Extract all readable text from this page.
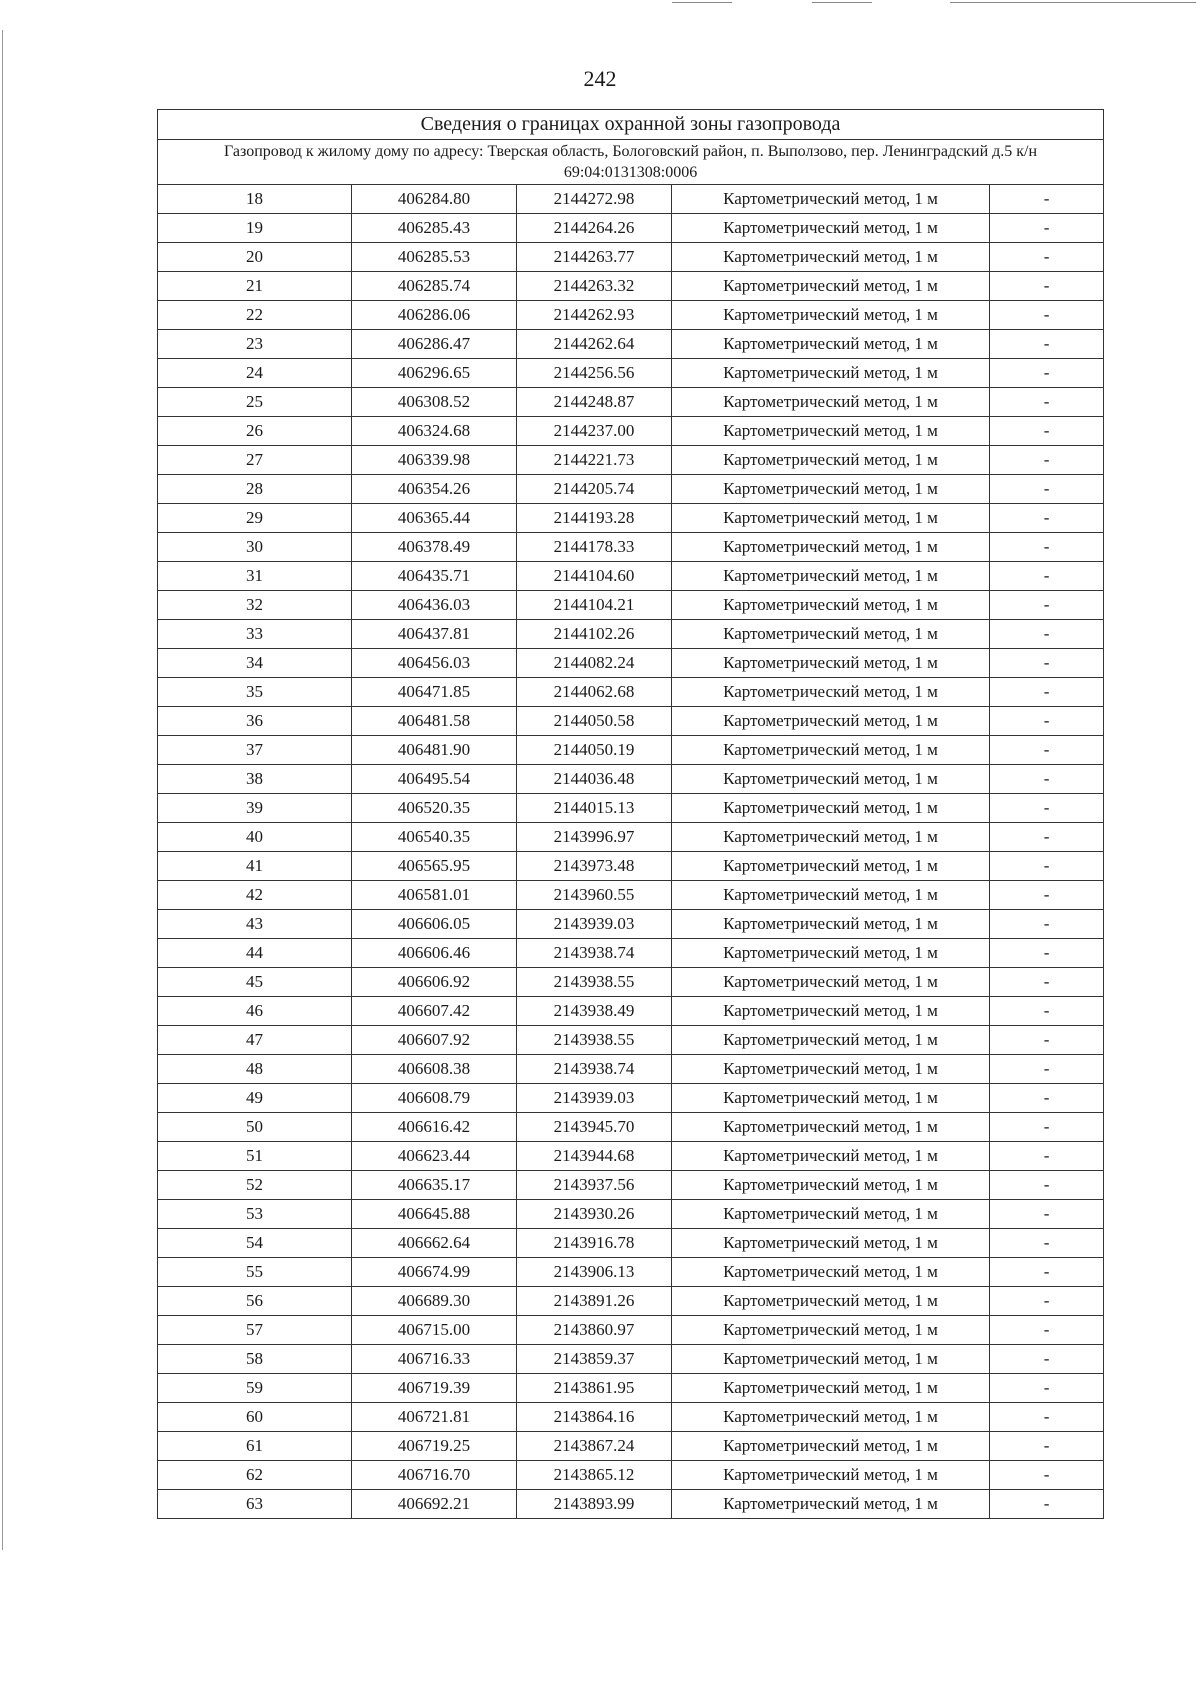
242
Сведения о границах охранной зоны газопровода				
Газопровод к жилому дому по адресу: Тверская область, Бологовский район, п. Выползово, пер. Ленинградский д.5 к/н 69:04:0131308:0006				
18	406284.80	2144272.98	Картометрический метод, 1 м	-
19	406285.43	2144264.26	Картометрический метод, 1 м	-
20	406285.53	2144263.77	Картометрический метод, 1 м	-
21	406285.74	2144263.32	Картометрический метод, 1 м	-
22	406286.06	2144262.93	Картометрический метод, 1 м	-
23	406286.47	2144262.64	Картометрический метод, 1 м	-
24	406296.65	2144256.56	Картометрический метод, 1 м	-
25	406308.52	2144248.87	Картометрический метод, 1 м	-
26	406324.68	2144237.00	Картометрический метод, 1 м	-
27	406339.98	2144221.73	Картометрический метод, 1 м	-
28	406354.26	2144205.74	Картометрический метод, 1 м	-
29	406365.44	2144193.28	Картометрический метод, 1 м	-
30	406378.49	2144178.33	Картометрический метод, 1 м	-
31	406435.71	2144104.60	Картометрический метод, 1 м	-
32	406436.03	2144104.21	Картометрический метод, 1 м	-
33	406437.81	2144102.26	Картометрический метод, 1 м	-
34	406456.03	2144082.24	Картометрический метод, 1 м	-
35	406471.85	2144062.68	Картометрический метод, 1 м	-
36	406481.58	2144050.58	Картометрический метод, 1 м	-
37	406481.90	2144050.19	Картометрический метод, 1 м	-
38	406495.54	2144036.48	Картометрический метод, 1 м	-
39	406520.35	2144015.13	Картометрический метод, 1 м	-
40	406540.35	2143996.97	Картометрический метод, 1 м	-
41	406565.95	2143973.48	Картометрический метод, 1 м	-
42	406581.01	2143960.55	Картометрический метод, 1 м	-
43	406606.05	2143939.03	Картометрический метод, 1 м	-
44	406606.46	2143938.74	Картометрический метод, 1 м	-
45	406606.92	2143938.55	Картометрический метод, 1 м	-
46	406607.42	2143938.49	Картометрический метод, 1 м	-
47	406607.92	2143938.55	Картометрический метод, 1 м	-
48	406608.38	2143938.74	Картометрический метод, 1 м	-
49	406608.79	2143939.03	Картометрический метод, 1 м	-
50	406616.42	2143945.70	Картометрический метод, 1 м	-
51	406623.44	2143944.68	Картометрический метод, 1 м	-
52	406635.17	2143937.56	Картометрический метод, 1 м	-
53	406645.88	2143930.26	Картометрический метод, 1 м	-
54	406662.64	2143916.78	Картометрический метод, 1 м	-
55	406674.99	2143906.13	Картометрический метод, 1 м	-
56	406689.30	2143891.26	Картометрический метод, 1 м	-
57	406715.00	2143860.97	Картометрический метод, 1 м	-
58	406716.33	2143859.37	Картометрический метод, 1 м	-
59	406719.39	2143861.95	Картометрический метод, 1 м	-
60	406721.81	2143864.16	Картометрический метод, 1 м	-
61	406719.25	2143867.24	Картометрический метод, 1 м	-
62	406716.70	2143865.12	Картометрический метод, 1 м	-
63	406692.21	2143893.99	Картометрический метод, 1 м	-
